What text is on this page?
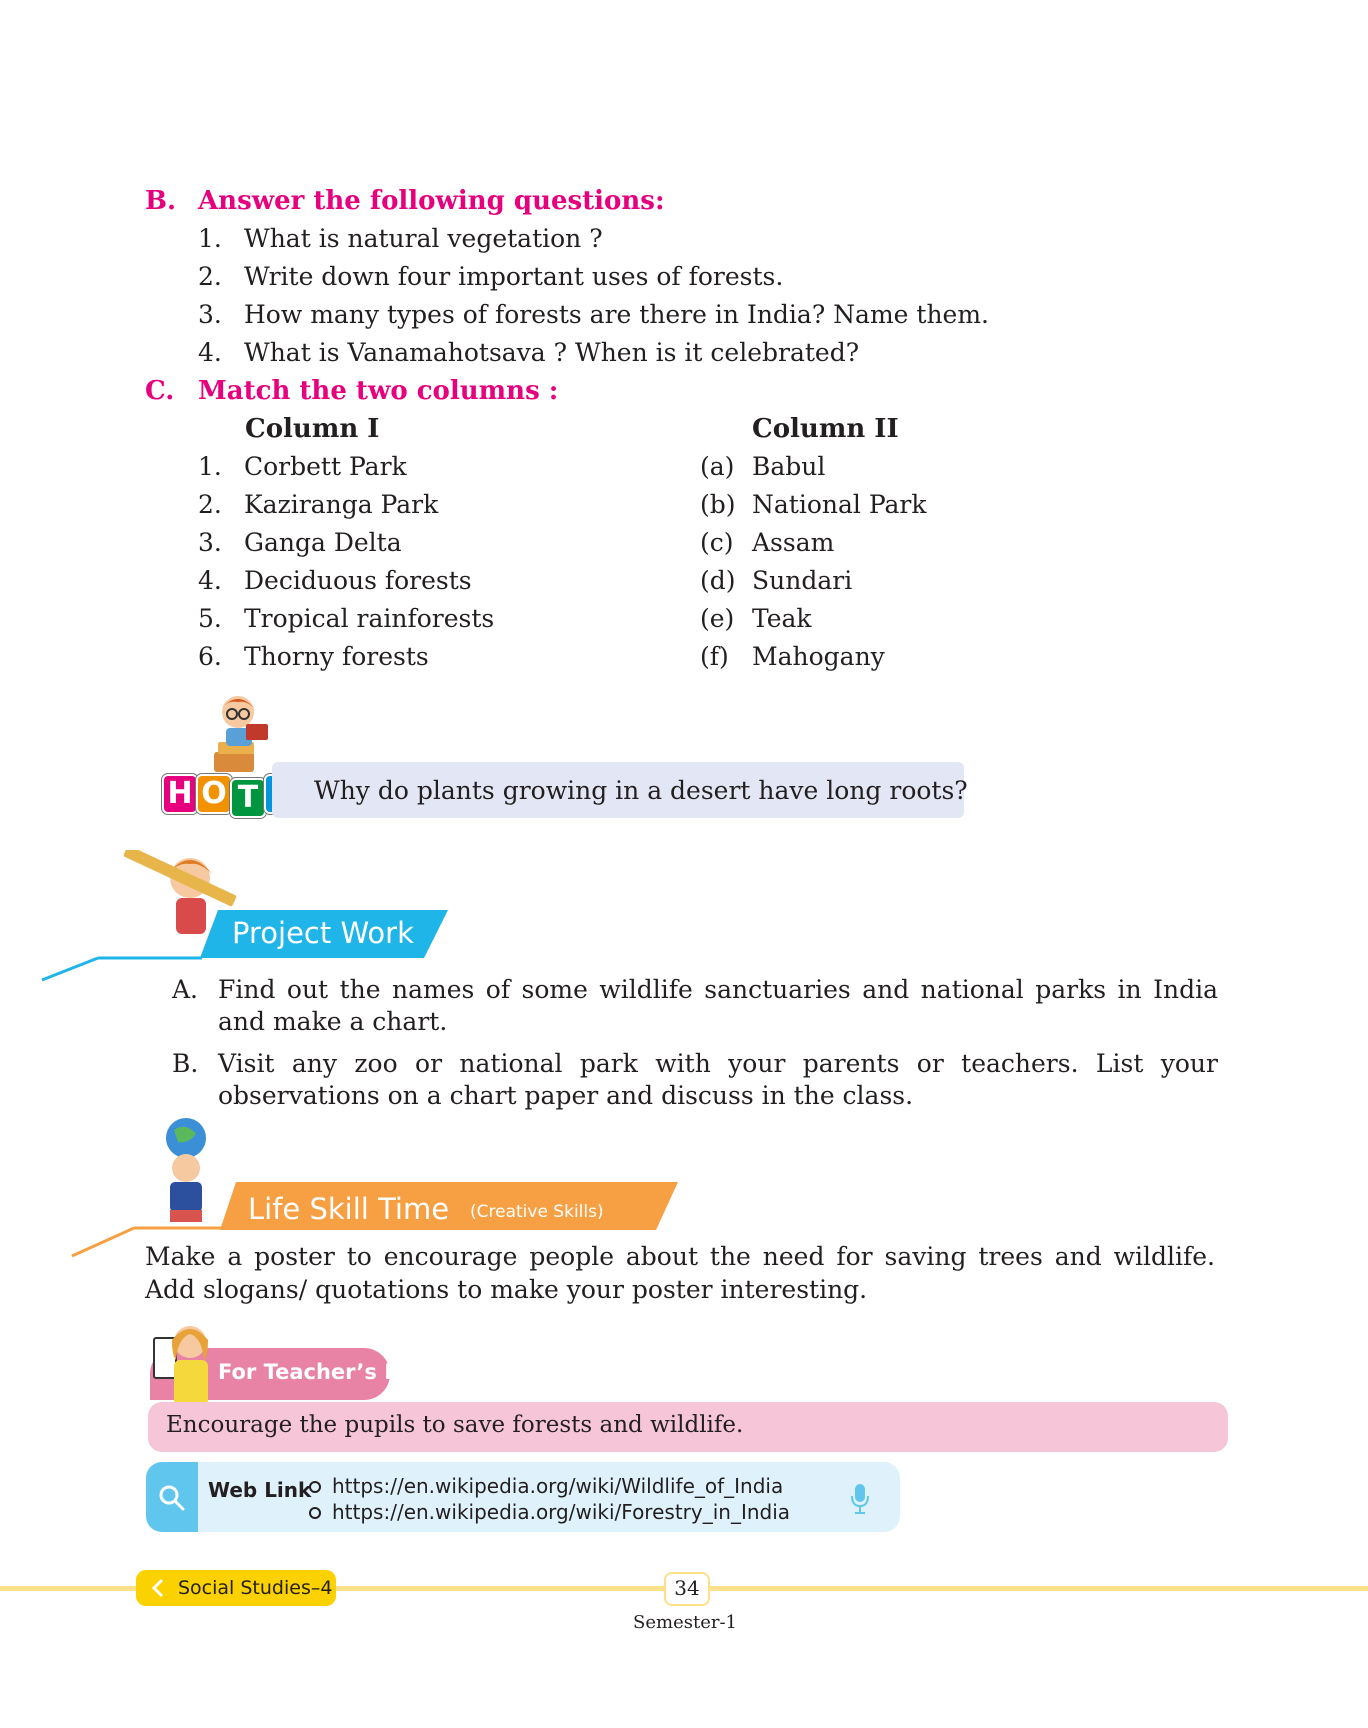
B. Answer the following questions:
1. What is natural vegetation ?
2. Write down four important uses of forests.
3. How many types of forests are there in India? Name them.
4. What is Vanamahotsava ? When is it celebrated?
C. Match the two columns :
Column I	Column II
1. Corbett Park	(a) Babul
2. Kaziranga Park	(b) National Park
3. Ganga Delta	(c) Assam
4. Deciduous forests	(d) Sundari
5. Tropical rainforests	(e) Teak
6. Thorny forests	(f) Mahogany
H O T	Why do plants growing in a desert have long roots?
Project Work
A. Find out the names of some wildlife sanctuaries and national parks in India and make a chart.
B. Visit any zoo or national park with your parents or teachers. List your observations on a chart paper and discuss in the class.
Life Skill Time (Creative Skills)
Make a poster to encourage people about the need for saving trees and wildlife. Add slogans/ quotations to make your poster interesting.
For Teacher’s Help
Encourage the pupils to save forests and wildlife.
Web Link https://en.wikipedia.org/wiki/Wildlife_of_India
https://en.wikipedia.org/wiki/Forestry_in_India
Social Studies–4	34
Semester-1
